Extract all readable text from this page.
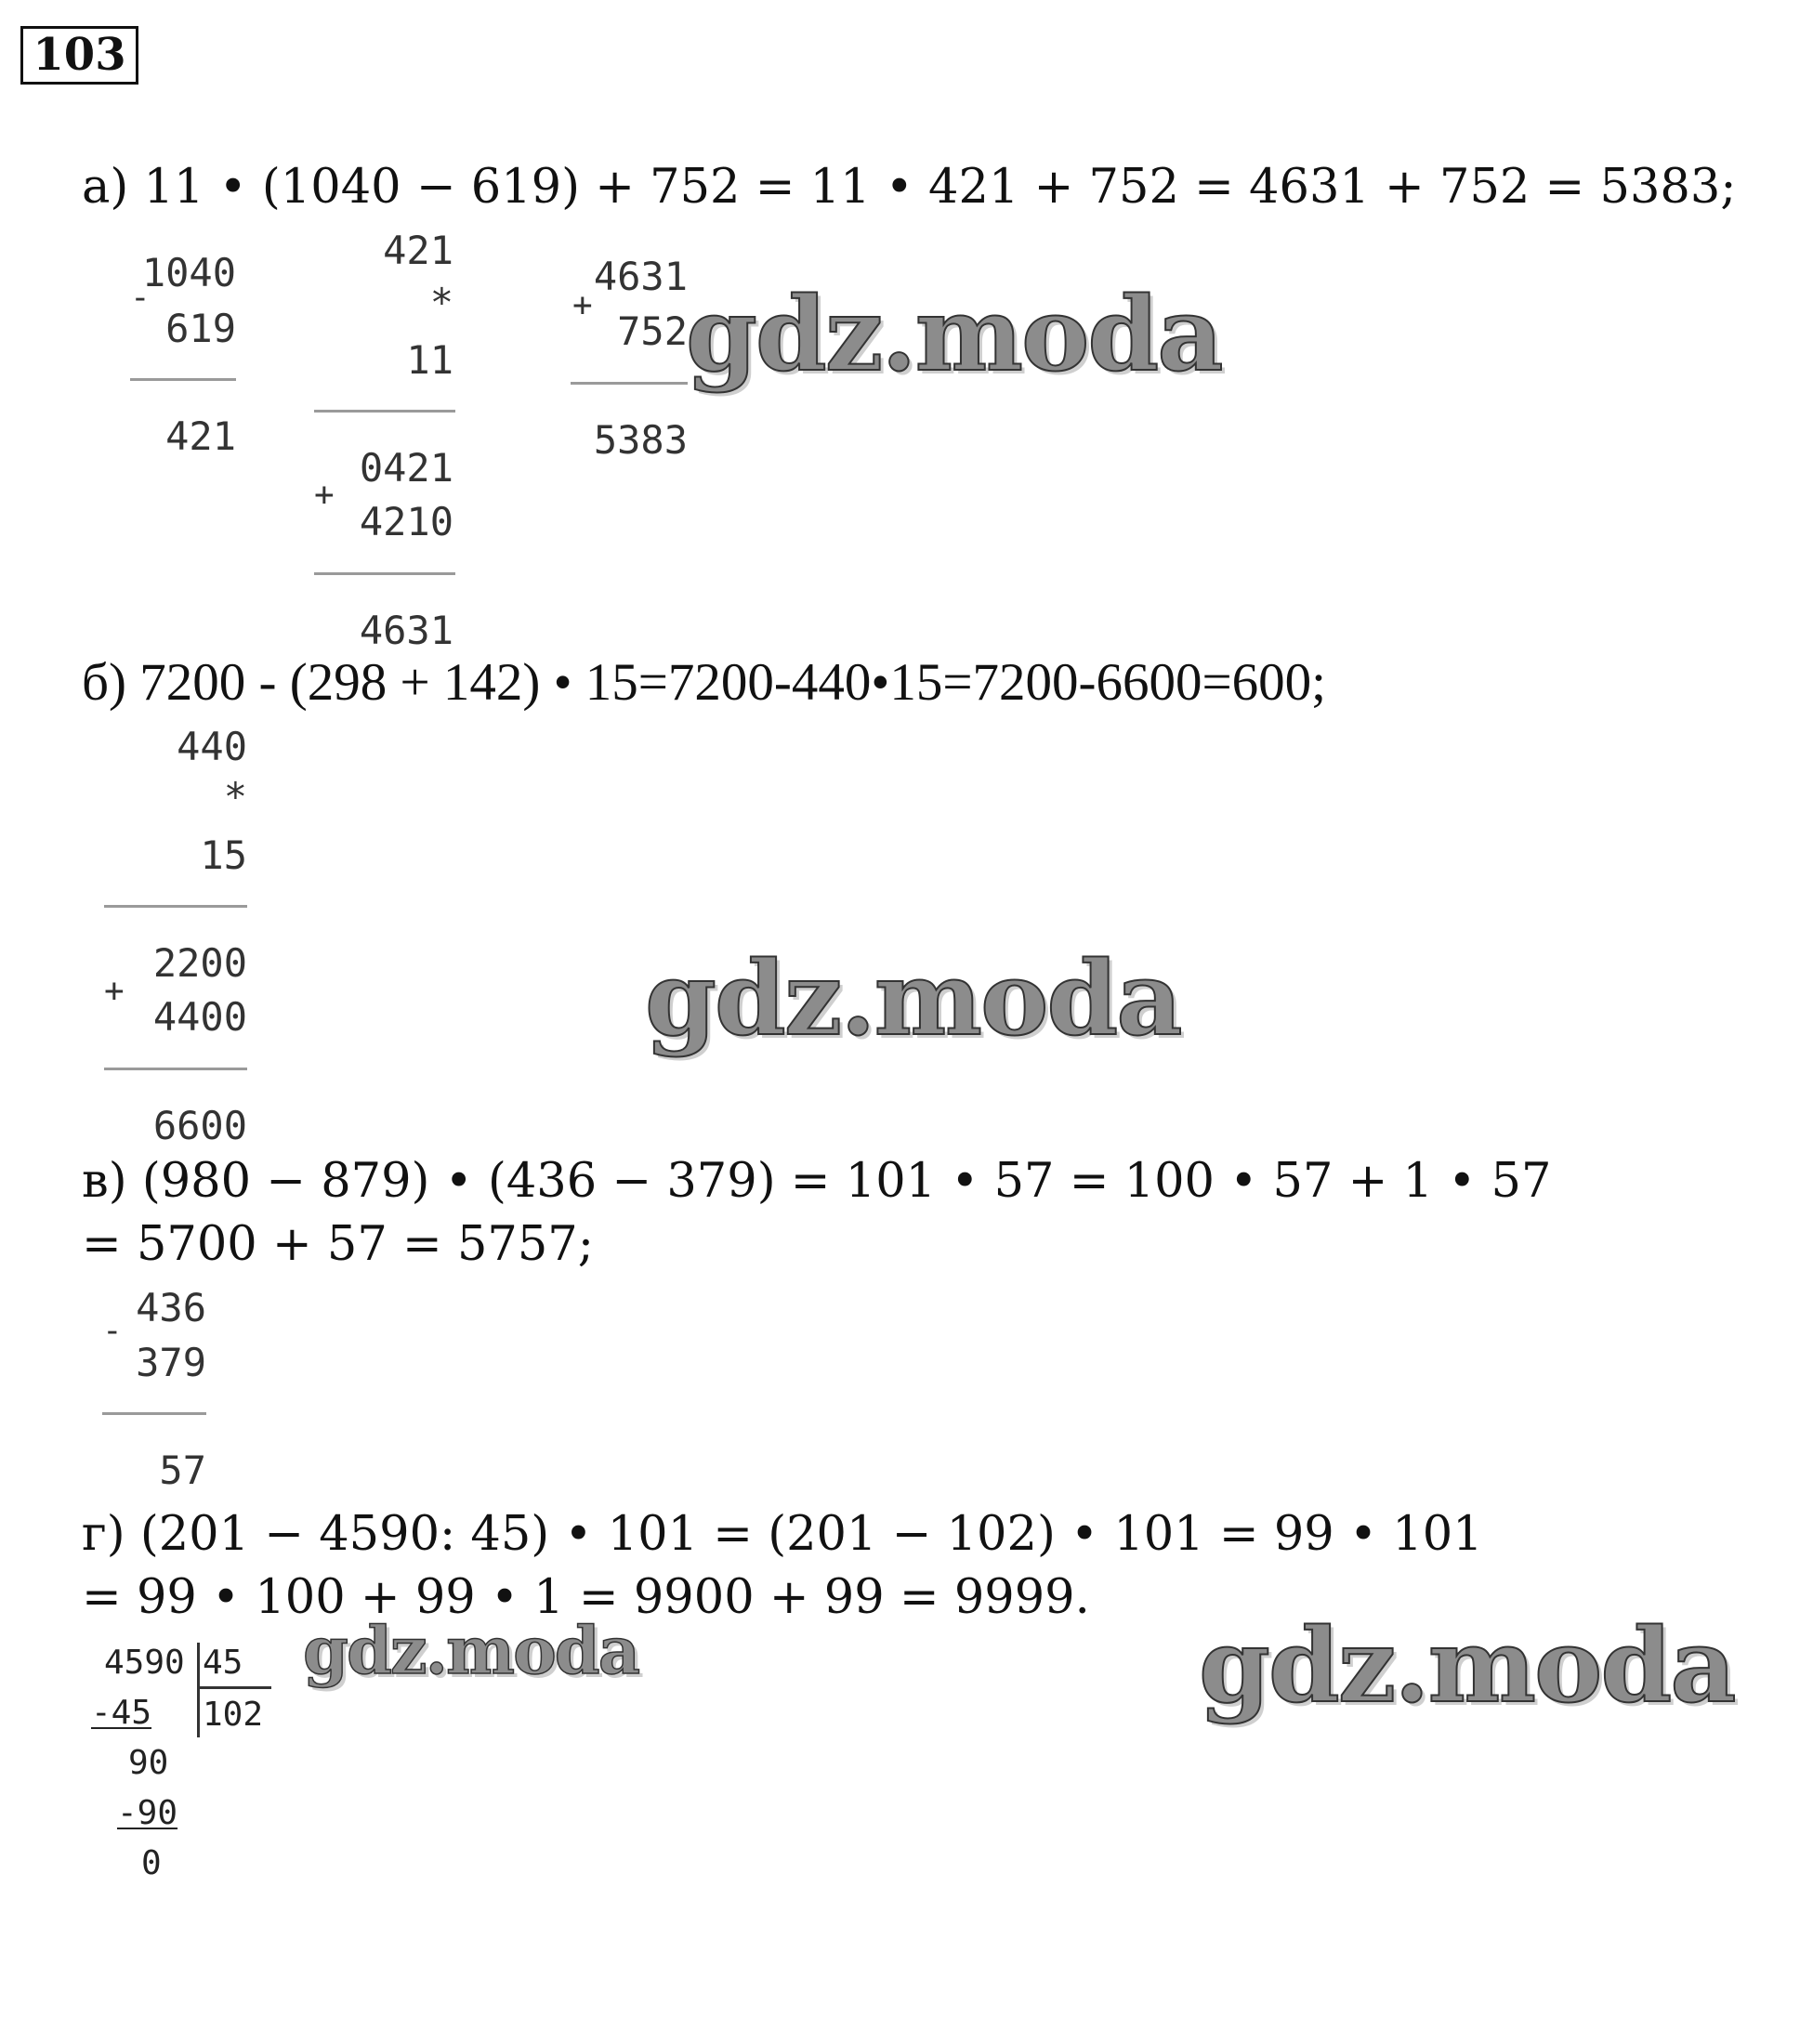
103
а) 11 • (1040 − 619) + 752 = 11 • 421 + 752 = 4631 + 752 = 5383;
1040
-
619
421
421
*
11
0421
+
4210
4631
4631
+
752
5383
б) 7200 - (298 + 142) • 15=7200-440•15=7200-6600=600;
440
*
15
2200
+
4400
6600
в) (980 − 879) • (436 − 379) = 101 • 57 = 100 • 57 + 1 • 57
= 5700 + 57 = 5757;
436
-
379
57
г) (201 − 4590: 45) • 101 = (201 − 102) • 101 = 99 • 101
= 99 • 100 + 99 • 1 = 9900 + 99 = 9999.
4590 45
-45 102
90
-90
0
gdz.moda
gdz.moda
gdz.moda	gdz.moda
